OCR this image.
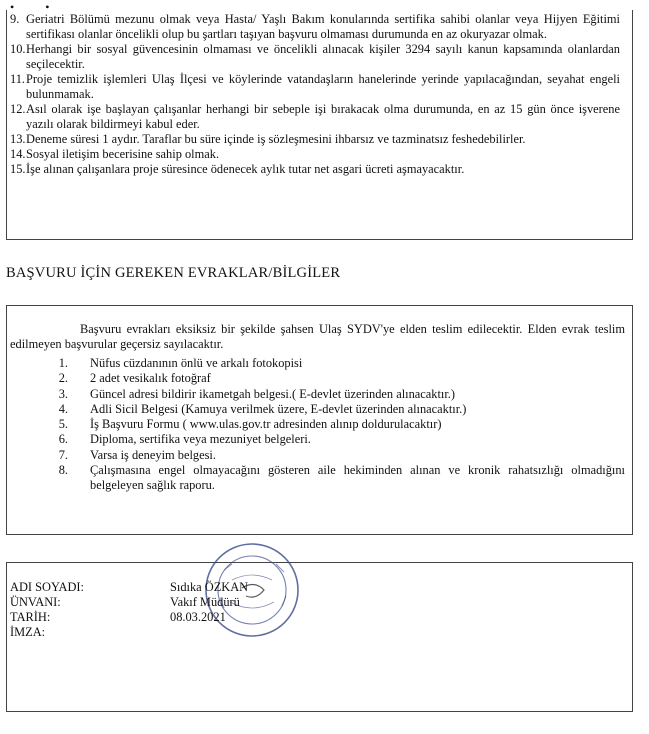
• •
9. Geriatri Bölümü mezunu olmak veya Hasta/ Yaşlı Bakım konularında sertifika sahibi olanlar veya Hijyen Eğitimi sertifikası olanlar öncelikli olup bu şartları taşıyan başvuru olmaması durumunda en az okuryazar olmak.
10. Herhangi bir sosyal güvencesinin olmaması ve öncelikli alınacak kişiler 3294 sayılı kanun kapsamında olanlardan seçilecektir.
11. Proje temizlik işlemleri Ulaş İlçesi ve köylerinde vatandaşların hanelerinde yerinde yapılacağından, seyahat engeli bulunmamak.
12. Asıl olarak işe başlayan çalışanlar herhangi bir sebeple işi bırakacak olma durumunda, en az 15 gün önce işverene yazılı olarak bildirmeyi kabul eder.
13. Deneme süresi 1 aydır. Taraflar bu süre içinde iş sözleşmesini ihbarsız ve tazminatsız feshedebilirler.
14. Sosyal iletişim becerisine sahip olmak.
15. İşe alınan çalışanlara proje süresince ödenecek aylık tutar net asgari ücreti aşmayacaktır.
BAŞVURU İÇİN GEREKEN EVRAKLAR/BİLGİLER
Başvuru evrakları eksiksiz bir şekilde şahsen Ulaş SYDV'ye elden teslim edilecektir. Elden evrak teslim edilmeyen başvurular geçersiz sayılacaktır.
1.	Nüfus cüzdanının önlü ve arkalı fotokopisi
2.	2 adet vesikalık fotoğraf
3.	Güncel adresi bildirir ikametgah belgesi.( E-devlet üzerinden alınacaktır.)
4.	Adli Sicil Belgesi (Kamuya verilmek üzere, E-devlet üzerinden alınacaktır.)
5.	İş Başvuru Formu ( www.ulas.gov.tr adresinden alınıp doldurulacaktır)
6.	Diploma, sertifika veya mezuniyet belgeleri.
7.	Varsa iş deneyim belgesi.
8.	Çalışmasına engel olmayacağını gösteren aile hekiminden alınan ve kronik rahatsızlığı olmadığını belgeleyen sağlık raporu.
ADI SOYADI:	Sıdıka ÖZKAN
ÜNVANI:	Vakıf Müdürü
TARİH:	08.03.2021
İMZA:
